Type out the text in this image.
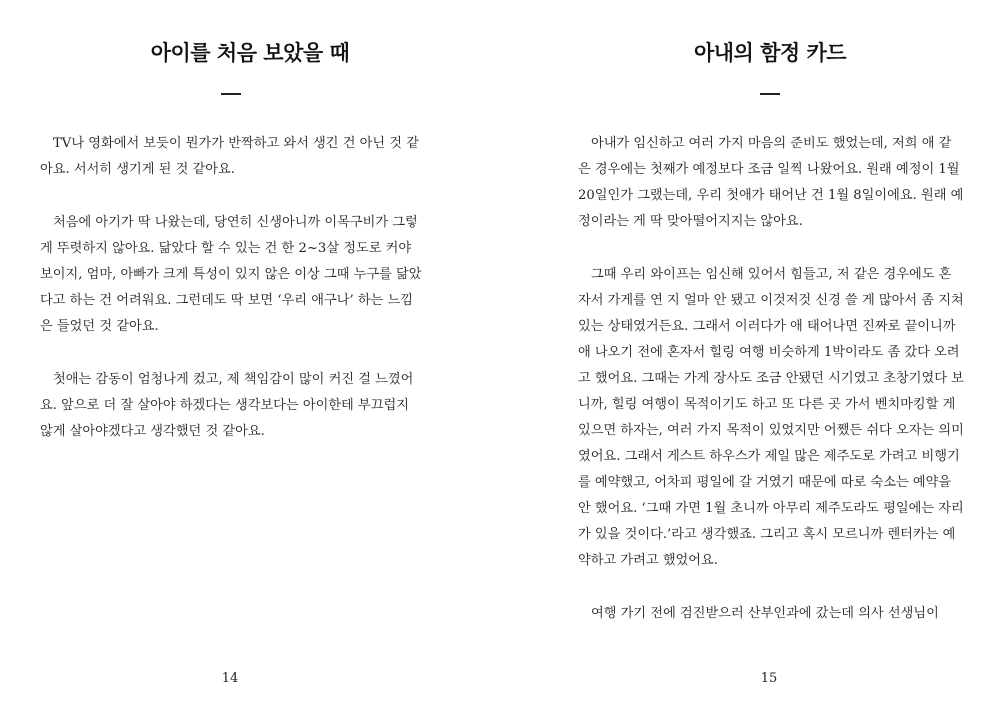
아이를 처음 보았을 때

TV나 영화에서 보듯이 뭔가가 반짝하고 와서 생긴 건 아닌 것 같아요. 서서히 생기게 된 것 같아요.

처음에 아기가 딱 나왔는데, 당연히 신생아니까 이목구비가 그렇게 뚜렷하지 않아요. 닮았다 할 수 있는 건 한 2~3살 정도로 커야 보이지, 엄마, 아빠가 크게 특성이 있지 않은 이상 그때 누구를 닮았다고 하는 건 어려워요. 그런데도 딱 보면 ‘우리 애구나’ 하는 느낌은 들었던 것 같아요.

첫애는 감동이 엄청나게 컸고, 제 책임감이 많이 커진 걸 느꼈어요. 앞으로 더 잘 살아야 하겠다는 생각보다는 아이한테 부끄럽지 않게 살아야겠다고 생각했던 것 같아요.

14
아내의 함정 카드
15

아내가 임신하고 여러 가지 마음의 준비도 했었는데, 저희 애 같은 경우에는 첫째가 예정보다 조금 일찍 나왔어요. 원래 예정이 1월 20일인가 그랬는데, 우리 첫애가 태어난 건 1월 8일이에요. 원래 예정이라는 게 딱 맞아떨어지지는 않아요.

그때 우리 와이프는 임신해 있어서 힘들고, 저 같은 경우에도 혼자서 가게를 연 지 얼마 안 됐고 이것저것 신경 쓸 게 많아서 좀 지쳐 있는 상태였거든요. 그래서 이러다가 애 태어나면 진짜로 끝이니까 애 나오기 전에 혼자서 힐링 여행 비슷하게 1박이라도 좀 갔다 오려고 했어요. 그때는 가게 장사도 조금 안됐던 시기였고 초창기였다 보니까, 힐링 여행이 목적이기도 하고 또 다른 곳 가서 벤치마킹할 게 있으면 하자는, 여러 가지 목적이 있었지만 어쨌든 쉬다 오자는 의미였어요. 그래서 게스트 하우스가 제일 많은 제주도로 가려고 비행기를 예약했고, 어차피 평일에 갈 거였기 때문에 따로 숙소는 예약을 안 했어요. ‘그때 가면 1월 초니까 아무리 제주도라도 평일에는 자리가 있을 것이다.’라고 생각했죠. 그리고 혹시 모르니까 렌터카는 예약하고 가려고 했었어요.

여행 가기 전에 검진받으러 산부인과에 갔는데 의사 선생님이
